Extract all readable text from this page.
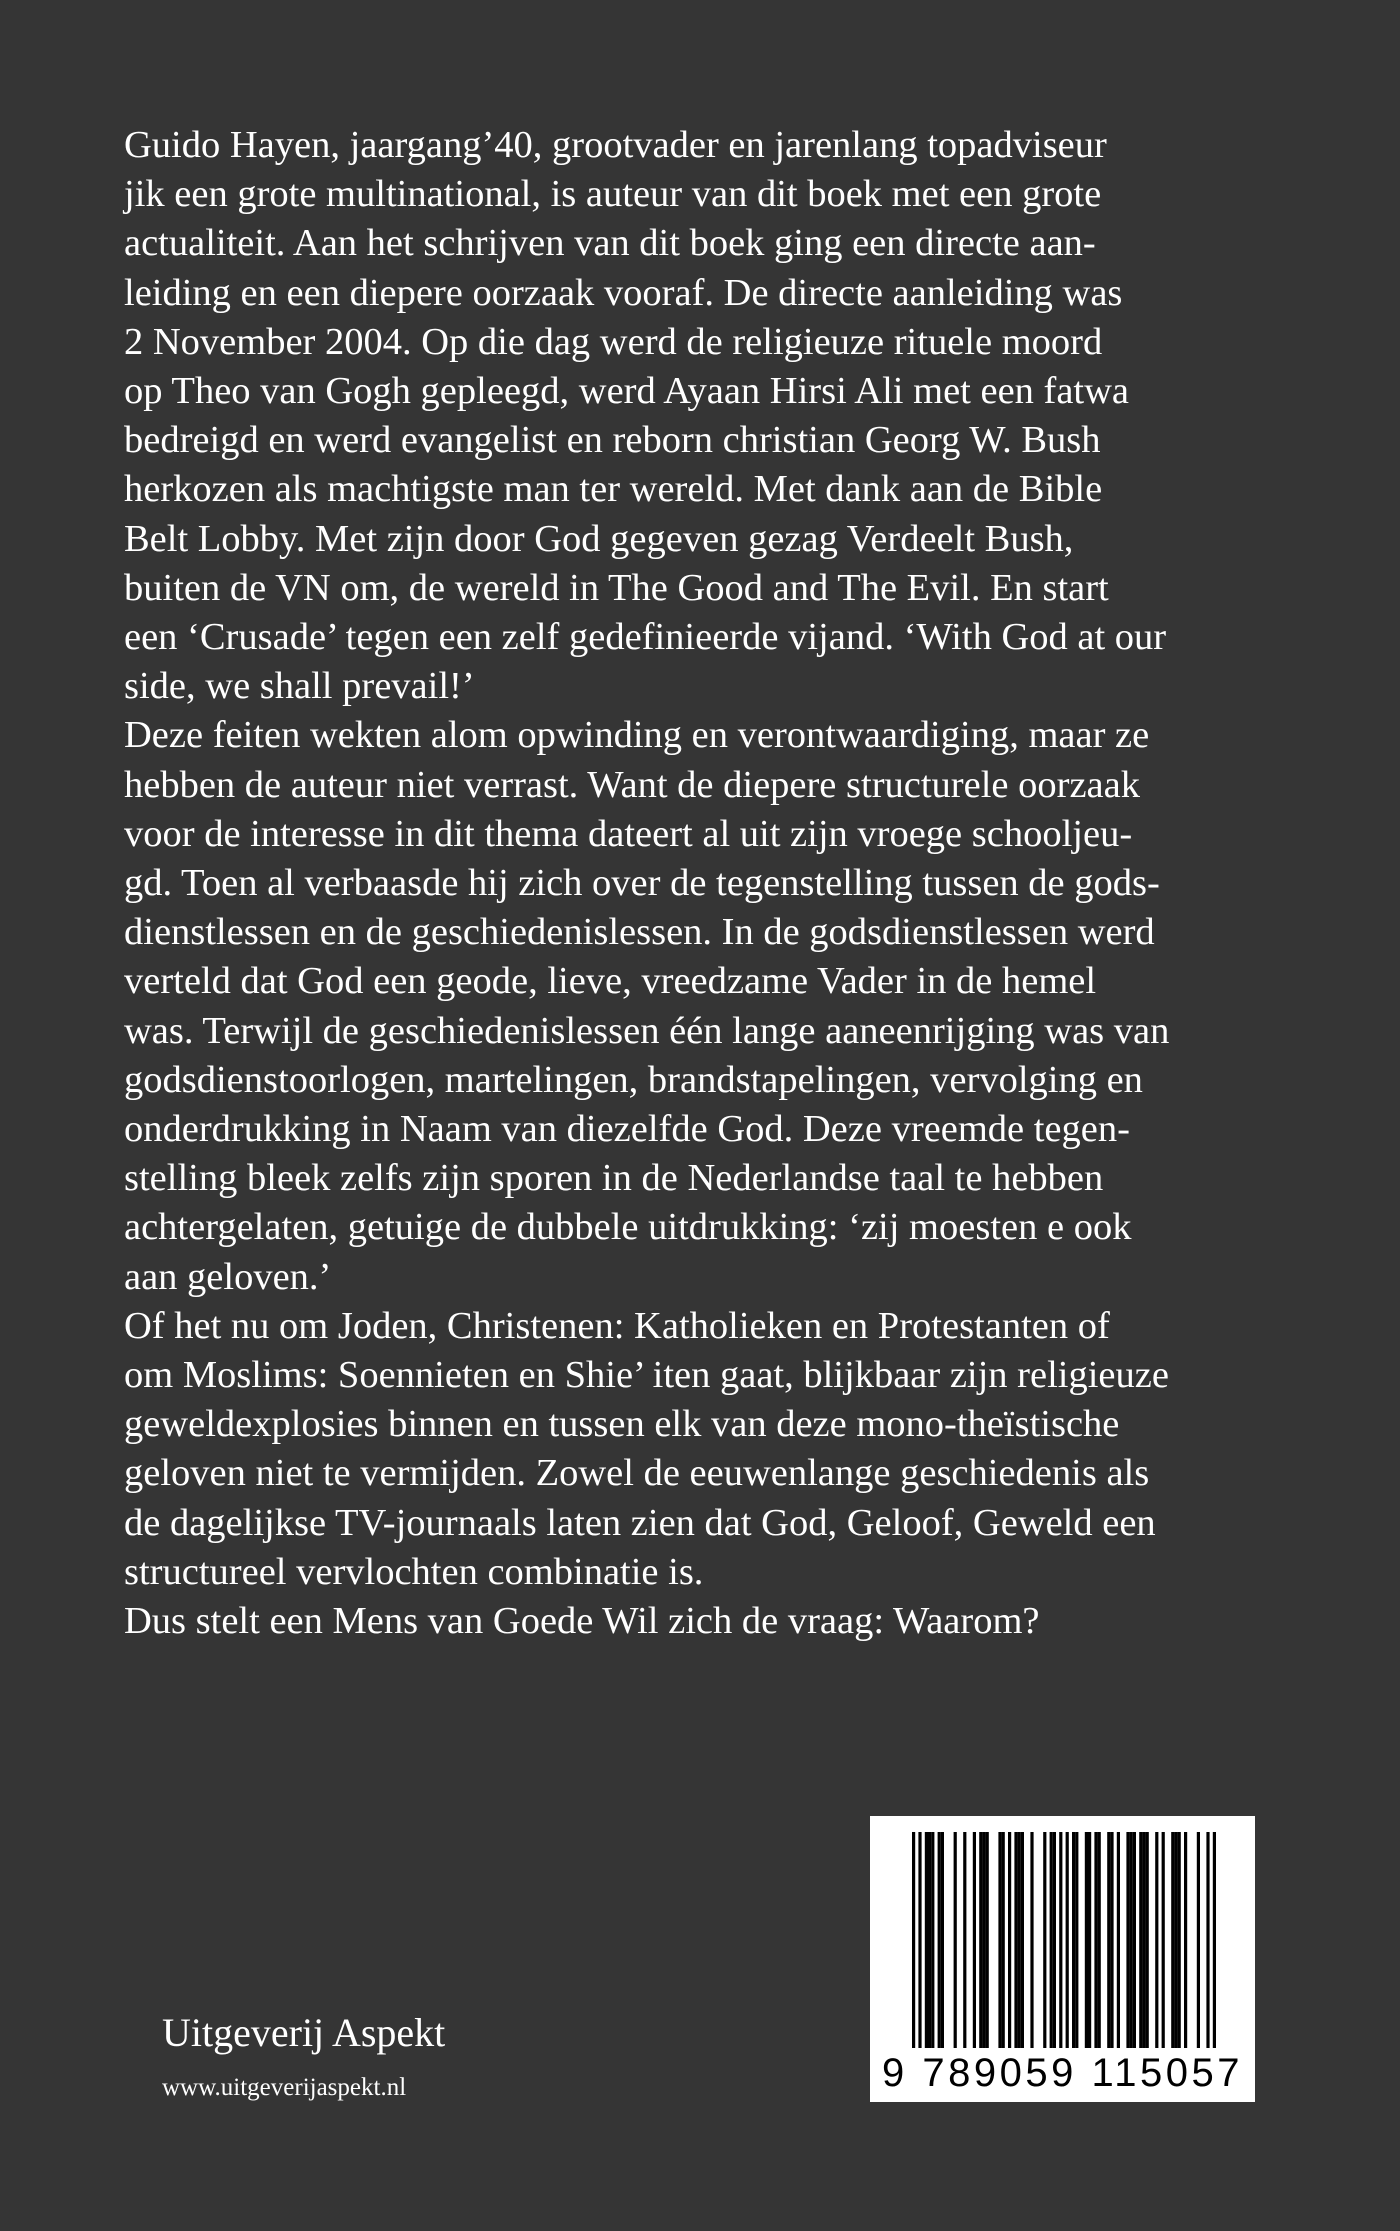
Guido Hayen, jaargang’40, grootvader en jarenlang topadviseur
jik een grote multinational, is auteur van dit boek met een grote
actualiteit. Aan het schrijven van dit boek ging een directe aan-
leiding en een diepere oorzaak vooraf. De directe aanleiding was
2 November 2004. Op die dag werd de religieuze rituele moord
op Theo van Gogh gepleegd, werd Ayaan Hirsi Ali met een fatwa
bedreigd en werd evangelist en reborn christian Georg W. Bush
herkozen als machtigste man ter wereld. Met dank aan de Bible
Belt Lobby. Met zijn door God gegeven gezag Verdeelt Bush,
buiten de VN om, de wereld in The Good and The Evil. En start
een ‘Crusade’ tegen een zelf gedefinieerde vijand. ‘With God at our
side, we shall prevail!’
Deze feiten wekten alom opwinding en verontwaardiging, maar ze
hebben de auteur niet verrast. Want de diepere structurele oorzaak
voor de interesse in dit thema dateert al uit zijn vroege schooljeu-
gd. Toen al verbaasde hij zich over de tegenstelling tussen de gods-
dienstlessen en de geschiedenislessen. In de godsdienstlessen werd
verteld dat God een geode, lieve, vreedzame Vader in de hemel
was. Terwijl de geschiedenislessen één lange aaneenrijging was van
godsdienstoorlogen, martelingen, brandstapelingen, vervolging en
onderdrukking in Naam van diezelfde God. Deze vreemde tegen-
stelling bleek zelfs zijn sporen in de Nederlandse taal te hebben
achtergelaten, getuige de dubbele uitdrukking: ‘zij moesten e ook
aan geloven.’
Of het nu om Joden, Christenen: Katholieken en Protestanten of
om Moslims: Soennieten en Shie’ iten gaat, blijkbaar zijn religieuze
geweldexplosies binnen en tussen elk van deze mono-theïstische
geloven niet te vermijden. Zowel de eeuwenlange geschiedenis als
de dagelijkse TV-journaals laten zien dat God, Geloof, Geweld een
structureel vervlochten combinatie is.
Dus stelt een Mens van Goede Wil zich de vraag: Waarom?
Uitgeverij Aspekt
www.uitgeverijaspekt.nl	9 789059 115057
